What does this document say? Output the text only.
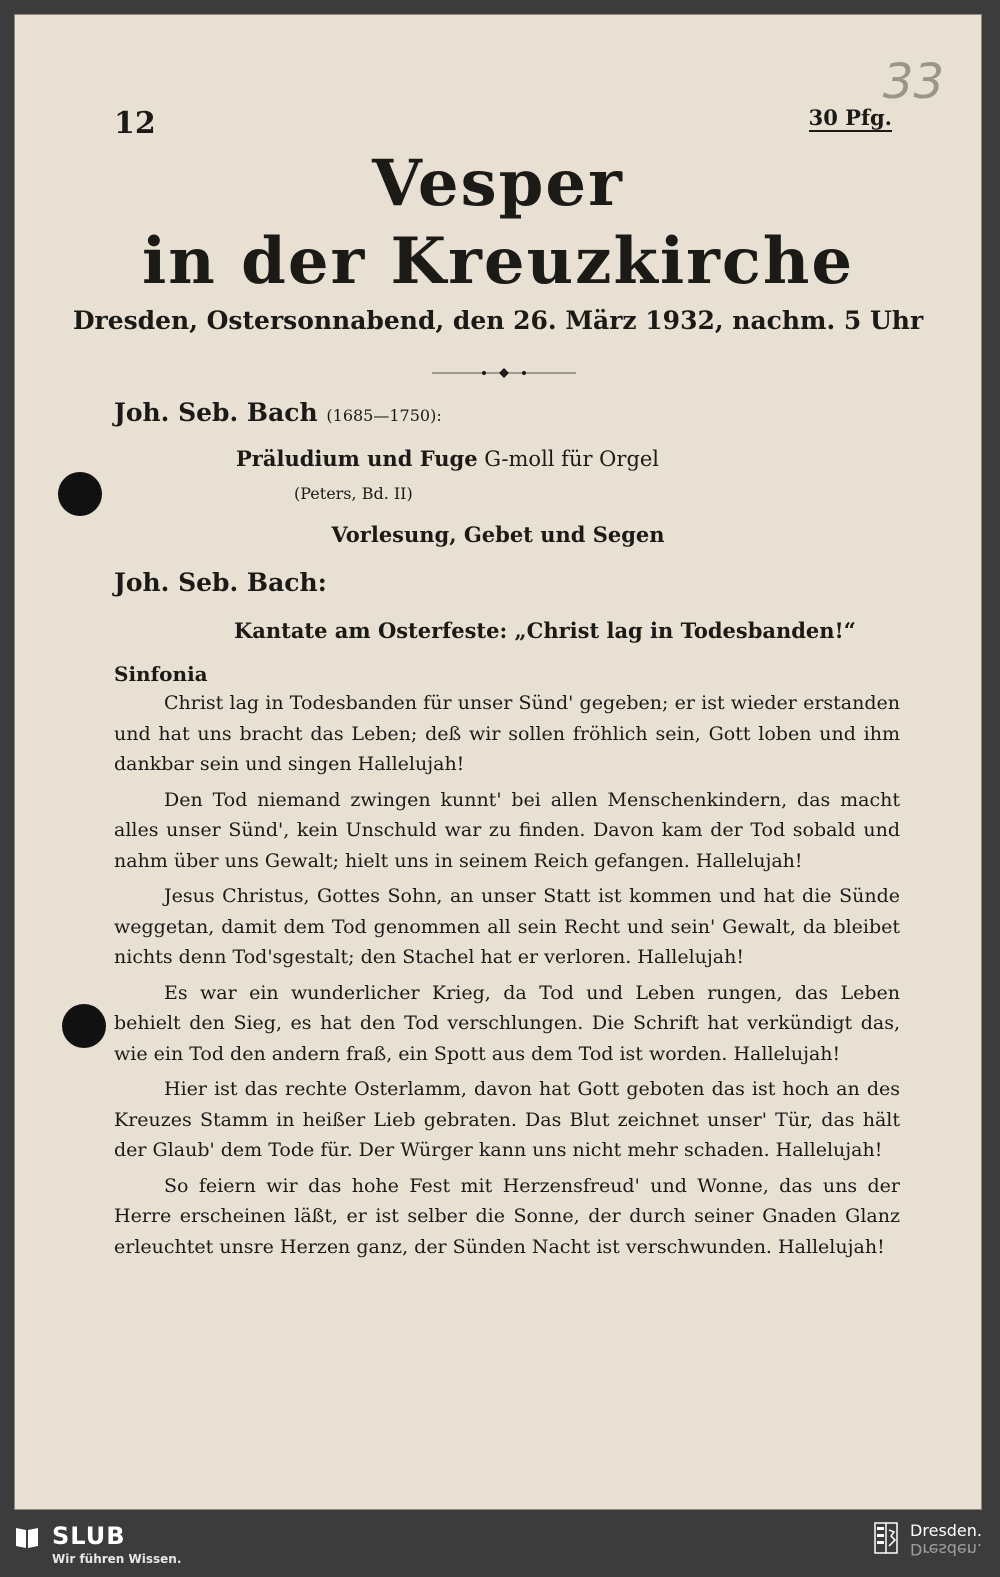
12
33
30 Pfg.
Vesper
in der Kreuzkirche
Dresden, Ostersonnabend, den 26. März 1932, nachm. 5 Uhr
Joh. Seb. Bach (1685—1750):
Präludium und Fuge G-moll für Orgel
(Peters, Bd. II)
Vorlesung, Gebet und Segen
Joh. Seb. Bach:
Kantate am Osterfeste: „Christ lag in Todesbanden!“
Sinfonia

Christ lag in Todesbanden für unser Sünd' gegeben; er ist wieder erstanden und hat uns bracht das Leben; deß wir sollen fröhlich sein, Gott loben und ihm dankbar sein und singen Hallelujah!

Den Tod niemand zwingen kunnt' bei allen Menschenkindern, das macht alles unser Sünd', kein Unschuld war zu finden. Davon kam der Tod sobald und nahm über uns Gewalt; hielt uns in seinem Reich gefangen. Hallelujah!

Jesus Christus, Gottes Sohn, an unser Statt ist kommen und hat die Sünde weggetan, damit dem Tod genommen all sein Recht und sein' Gewalt, da bleibet nichts denn Tod'sgestalt; den Stachel hat er verloren. Hallelujah!

Es war ein wunderlicher Krieg, da Tod und Leben rungen, das Leben behielt den Sieg, es hat den Tod verschlungen. Die Schrift hat verkündigt das, wie ein Tod den andern fraß, ein Spott aus dem Tod ist worden. Hallelujah!

Hier ist das rechte Osterlamm, davon hat Gott geboten das ist hoch an des Kreuzes Stamm in heißer Lieb gebraten. Das Blut zeichnet unser' Tür, das hält der Glaub' dem Tode für. Der Würger kann uns nicht mehr schaden. Hallelujah!

So feiern wir das hohe Fest mit Herzensfreud' und Wonne, das uns der Herre erscheinen läßt, er ist selber die Sonne, der durch seiner Gnaden Glanz erleuchtet unsre Herzen ganz, der Sünden Nacht ist verschwunden. Hallelujah!

SLUB
Wir führen Wissen.
Dresden.
Dresden.
